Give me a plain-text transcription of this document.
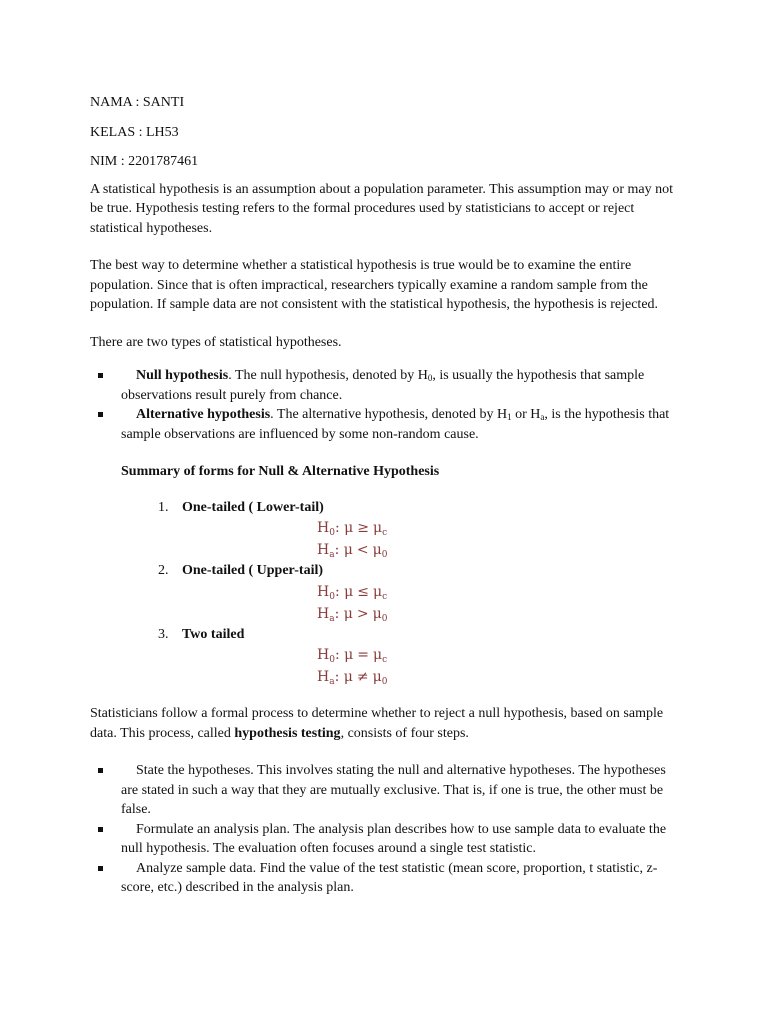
NAMA : SANTI
KELAS : LH53
NIM : 2201787461

A statistical hypothesis is an assumption about a population parameter. This assumption may or may not be true. Hypothesis testing refers to the formal procedures used by statisticians to accept or reject statistical hypotheses.

The best way to determine whether a statistical hypothesis is true would be to examine the entire population. Since that is often impractical, researchers typically examine a random sample from the population. If sample data are not consistent with the statistical hypothesis, the hypothesis is rejected.

There are two types of statistical hypotheses.

Null hypothesis. The null hypothesis, denoted by $H_0$, is usually the hypothesis that sample observations result purely from chance.
Alternative hypothesis. The alternative hypothesis, denoted by $H_1$ or $H_a$, is the hypothesis that sample observations are influenced by some non-random cause.
Summary of forms for Null & Alternative Hypothesis
1. One-tailed ( Lower-tail)
$H_0$: $\mu \ge \mu_c$
$H_a$: $\mu < \mu_0$
2. One-tailed ( Upper-tail)
$H_0$: $\mu \le \mu_c$
$H_a$: $\mu > \mu_0$
3. Two tailed
$H_0$: $\mu = \mu_c$
$H_a$: $\mu \ne \mu_0$

Statisticians follow a formal process to determine whether to reject a null hypothesis, based on sample data. This process, called hypothesis testing, consists of four steps.

State the hypotheses. This involves stating the null and alternative hypotheses. The hypotheses are stated in such a way that they are mutually exclusive. That is, if one is true, the other must be false.
Formulate an analysis plan. The analysis plan describes how to use sample data to evaluate the null hypothesis. The evaluation often focuses around a single test statistic.
Analyze sample data. Find the value of the test statistic (mean score, proportion, t statistic, z-score, etc.) described in the analysis plan.
